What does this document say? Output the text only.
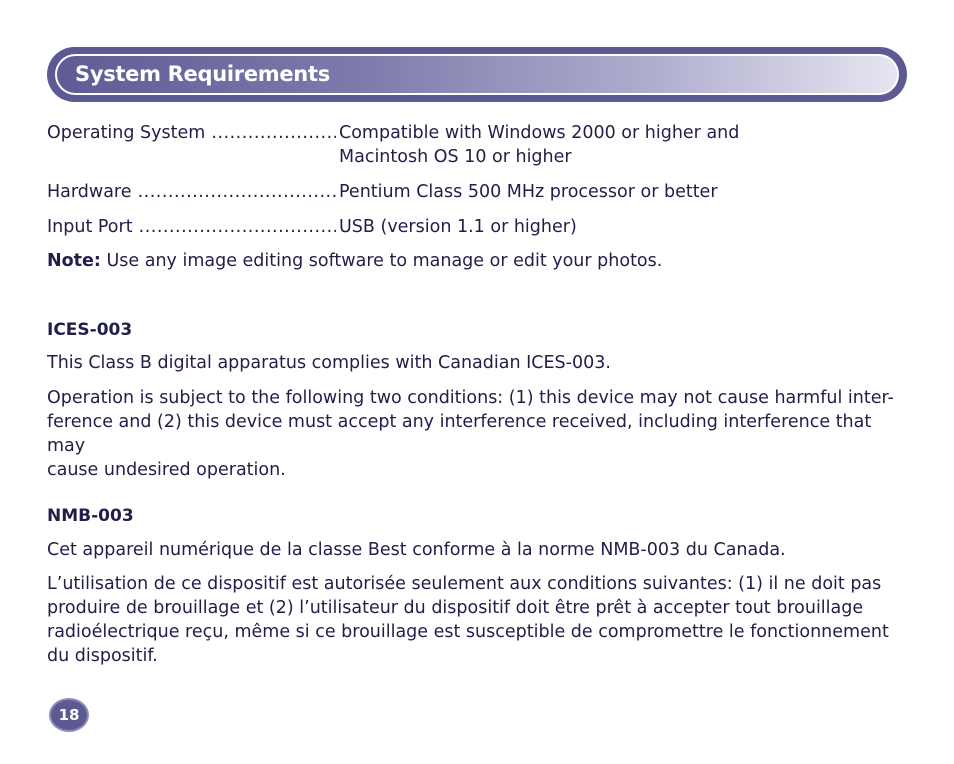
System Requirements
Operating System .....	Compatible with Windows 2000 or higher and
Macintosh OS 10 or higher
Hardware .....	Pentium Class 500 MHz processor or better
Input Port .....	USB (version 1.1 or higher)
Note: Use any image editing software to manage or edit your photos.
ICES-003
This Class B digital apparatus complies with Canadian ICES-003.
Operation is subject to the following two conditions: (1) this device may not cause harmful inter-
ference and (2) this device must accept any interference received, including interference that may
cause undesired operation.
NMB-003
Cet appareil numérique de la classe Best conforme à la norme NMB-003 du Canada.
L’utilisation de ce dispositif est autorisée seulement aux conditions suivantes: (1) il ne doit pas
produire de brouillage et (2) l’utilisateur du dispositif doit être prêt à accepter tout brouillage
radioélectrique reçu, même si ce brouillage est susceptible de compromettre le fonctionnement
du dispositif.
18
